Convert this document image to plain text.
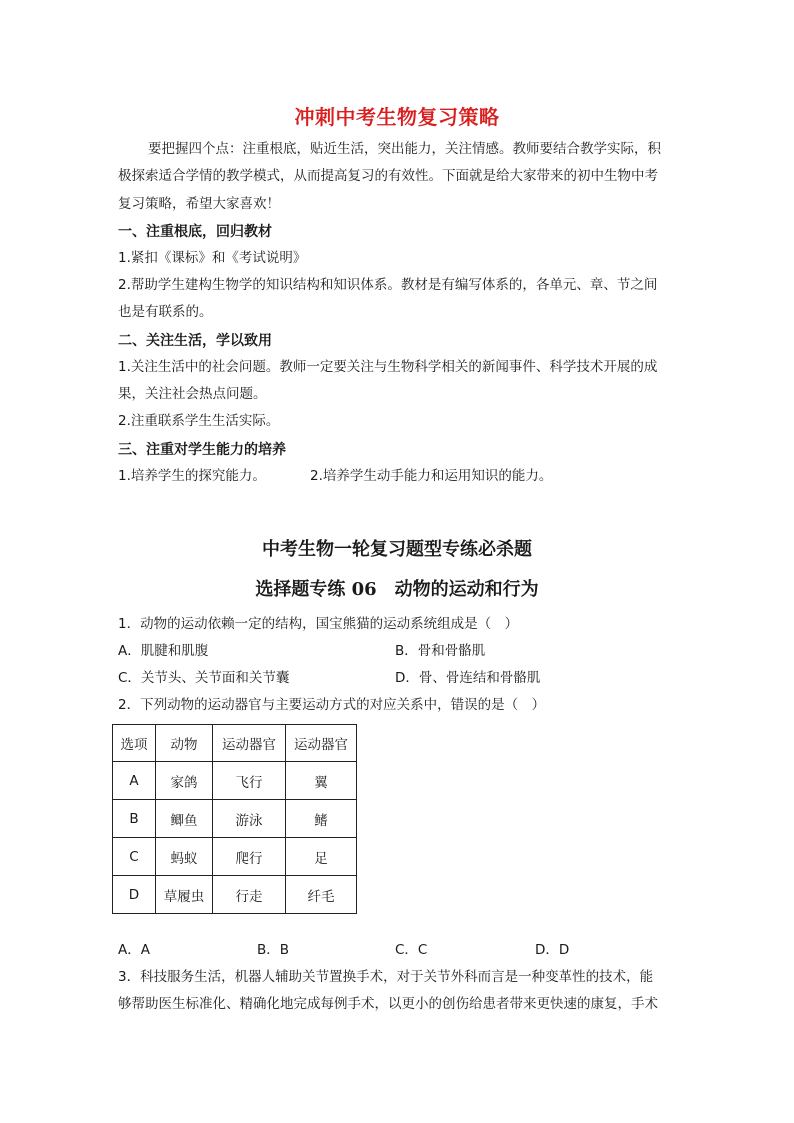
冲刺中考生物复习策略
要把握四个点：注重根底，贴近生活，突出能力，关注情感。教师要结合教学实际，积
极探索适合学情的教学模式，从而提高复习的有效性。下面就是给大家带来的初中生物中考
复习策略，希望大家喜欢！
一、注重根底，回归教材
1.紧扣《课标》和《考试说明》
2.帮助学生建构生物学的知识结构和知识体系。教材是有编写体系的，各单元、章、节之间
也是有联系的。
二、关注生活，学以致用
1.关注生活中的社会问题。教师一定要关注与生物科学相关的新闻事件、科学技术开展的成
果，关注社会热点问题。
2.注重联系学生生活实际。
三、注重对学生能力的培养
1.培养学生的探究能力。	2.培养学生动手能力和运用知识的能力。
中考生物一轮复习题型专练必杀题
选择题专练 06　动物的运动和行为
1．动物的运动依赖一定的结构，国宝熊猫的运动系统组成是（　）
A．肌腱和肌腹	B．骨和骨骼肌
C．关节头、关节面和关节囊	D．骨、骨连结和骨骼肌
2．下列动物的运动器官与主要运动方式的对应关系中，错误的是（　）
选项	动物	运动器官	运动器官
A	家鸽	飞行	翼
B	鲫鱼	游泳	鳍
C	蚂蚁	爬行	足
D	草履虫	行走	纤毛
A．A	B．B	C．C	D．D
3．科技服务生活，机器人辅助关节置换手术，对于关节外科而言是一种变革性的技术，能
够帮助医生标准化、精确化地完成每例手术，以更小的创伤给患者带来更快速的康复，手术
